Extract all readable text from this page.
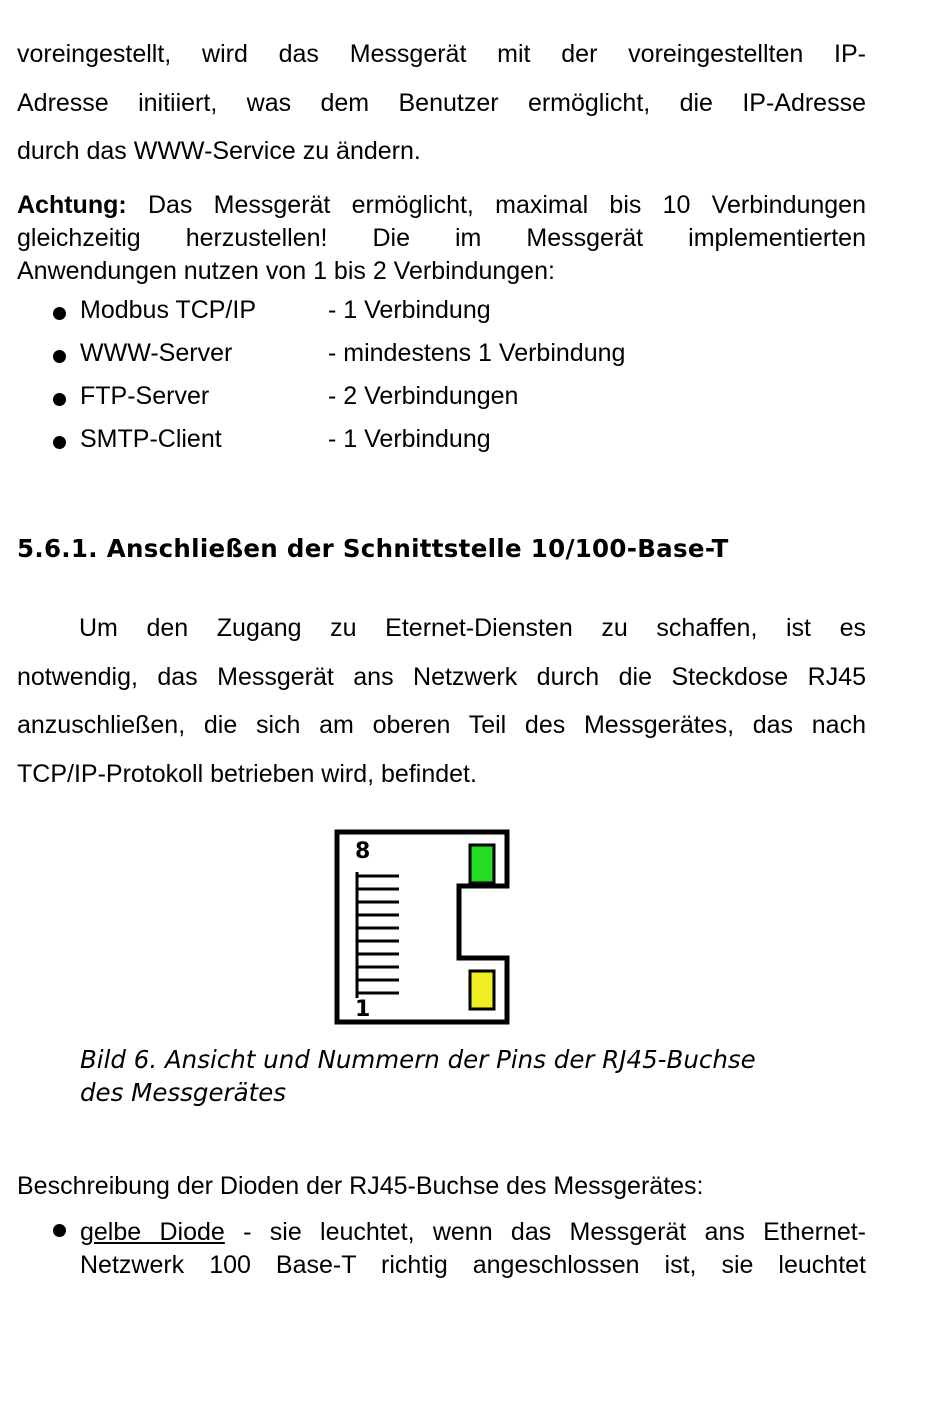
voreingestellt, wird das Messgerät mit der voreingestellten IP-
Adresse initiiert, was dem Benutzer ermöglicht, die IP-Adresse
durch das WWW-Service zu ändern.
Achtung: Das Messgerät ermöglicht, maximal bis 10 Verbindungen
gleichzeitig herzustellen! Die im Messgerät implementierten
Anwendungen nutzen von 1 bis 2 Verbindungen:
Modbus TCP/IP	- 1 Verbindung
WWW-Server	- mindestens 1 Verbindung
FTP-Server	- 2 Verbindungen
SMTP-Client	- 1 Verbindung
5.6.1. Anschließen der Schnittstelle 10/100-Base-T
Um den Zugang zu Eternet-Diensten zu schaffen, ist es
notwendig, das Messgerät ans Netzwerk durch die Steckdose RJ45
anzuschließen, die sich am oberen Teil des Messgerätes, das nach
TCP/IP-Protokoll betrieben wird, befindet.
8
1
Bild 6. Ansicht und Nummern der Pins der RJ45-Buchse
des Messgerätes
Beschreibung der Dioden der RJ45-Buchse des Messgerätes:
gelbe Diode - sie leuchtet, wenn das Messgerät ans Ethernet-
Netzwerk 100 Base-T richtig angeschlossen ist, sie leuchtet
